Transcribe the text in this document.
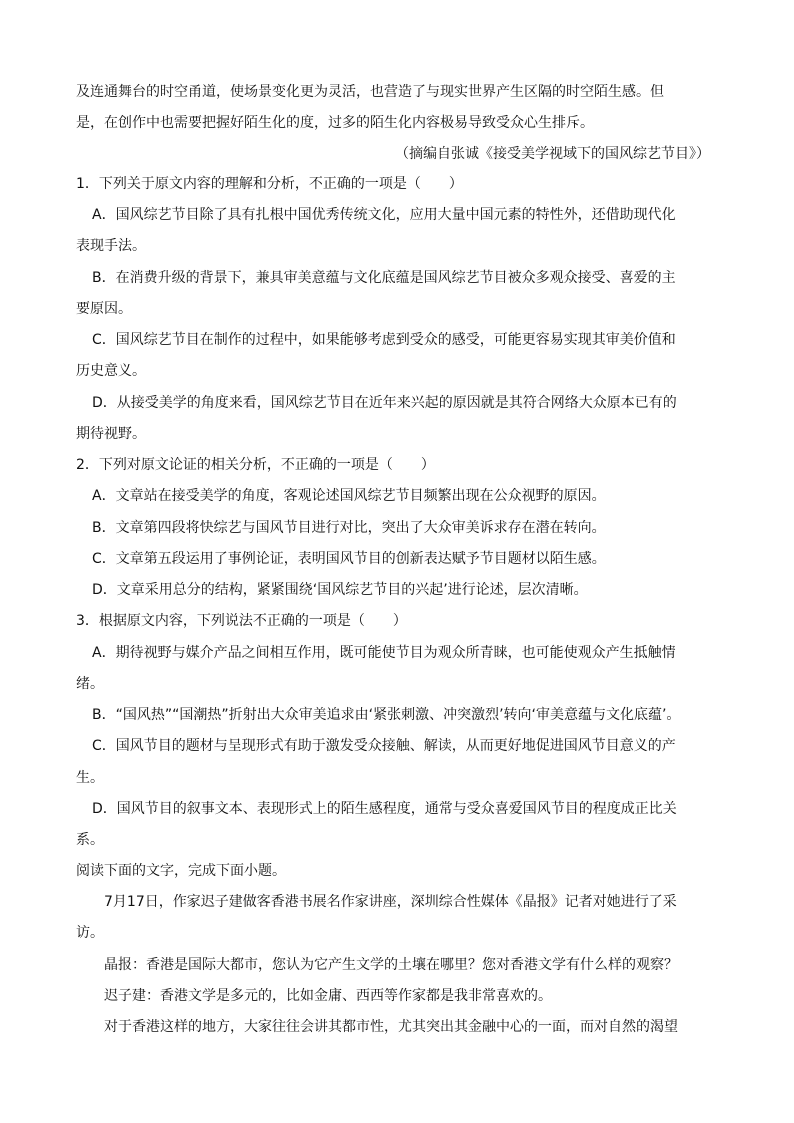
及连通舞台的时空甬道，使场景变化更为灵活，也营造了与现实世界产生区隔的时空陌生感。但
是，在创作中也需要把握好陌生化的度，过多的陌生化内容极易导致受众心生排斥。
（摘编自张诚《接受美学视域下的国风综艺节目》）
1．下列关于原文内容的理解和分析，不正确的一项是（　　）
A．国风综艺节目除了具有扎根中国优秀传统文化，应用大量中国元素的特性外，还借助现代化
表现手法。
B．在消费升级的背景下，兼具审美意蕴与文化底蕴是国风综艺节目被众多观众接受、喜爱的主
要原因。
C．国风综艺节目在制作的过程中，如果能够考虑到受众的感受，可能更容易实现其审美价值和
历史意义。
D．从接受美学的角度来看，国风综艺节目在近年来兴起的原因就是其符合网络大众原本已有的
期待视野。
2．下列对原文论证的相关分析，不正确的一项是（　　）
A．文章站在接受美学的角度，客观论述国风综艺节目频繁出现在公众视野的原因。
B．文章第四段将快综艺与国风节目进行对比，突出了大众审美诉求存在潜在转向。
C．文章第五段运用了事例论证，表明国风节目的创新表达赋予节目题材以陌生感。
D．文章采用总分的结构，紧紧围绕‘国风综艺节目的兴起’进行论述，层次清晰。
3．根据原文内容，下列说法不正确的一项是（　　）
A．期待视野与媒介产品之间相互作用，既可能使节目为观众所青睐，也可能使观众产生抵触情
绪。
B．“国风热”“国潮热”折射出大众审美追求由‘紧张刺激、冲突激烈’转向‘审美意蕴与文化底蕴’。
C．国风节目的题材与呈现形式有助于激发受众接触、解读，从而更好地促进国风节目意义的产
生。
D．国风节目的叙事文本、表现形式上的陌生感程度，通常与受众喜爱国风节目的程度成正比关
系。
阅读下面的文字，完成下面小题。
7月17日，作家迟子建做客香港书展名作家讲座，深圳综合性媒体《晶报》记者对她进行了采
访。
晶报：香港是国际大都市，您认为它产生文学的土壤在哪里？您对香港文学有什么样的观察？
迟子建：香港文学是多元的，比如金庸、西西等作家都是我非常喜欢的。
对于香港这样的地方，大家往往会讲其都市性，尤其突出其金融中心的一面，而对自然的渴望
